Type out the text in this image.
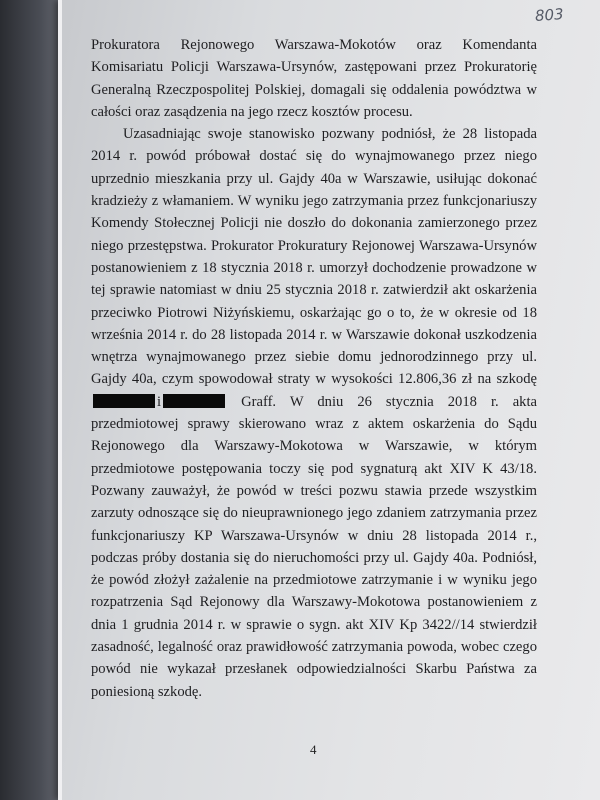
803

Prokuratora Rejonowego Warszawa-Mokotów oraz Komendanta Komisariatu Policji Warszawa-Ursynów, zastępowani przez Prokuratorię Generalną Rzeczpospolitej Polskiej, domagali się oddalenia powództwa w całości oraz zasądzenia na jego rzecz kosztów procesu.

Uzasadniając swoje stanowisko pozwany podniósł, że 28 listopada 2014 r. powód próbował dostać się do wynajmowanego przez niego uprzednio mieszkania przy ul. Gajdy 40a w Warszawie, usiłując dokonać kradzieży z włamaniem. W wyniku jego zatrzymania przez funkcjonariuszy Komendy Stołecznej Policji nie doszło do dokonania zamierzonego przez niego przestępstwa. Prokurator Prokuratury Rejonowej Warszawa-Ursynów postanowieniem z 18 stycznia 2018 r. umorzył dochodzenie prowadzone w tej sprawie natomiast w dniu 25 stycznia 2018 r. zatwierdził akt oskarżenia przeciwko Piotrowi Niżyńskiemu, oskarżając go o to, że w okresie od 18 września 2014 r. do 28 listopada 2014 r. w Warszawie dokonał uszkodzenia wnętrza wynajmowanego przez siebie domu jednorodzinnego przy ul. Gajdy 40a, czym spowodował straty w wysokości 12.806,36 zł na szkodę i	Graff. W dniu 26 stycznia 2018 r. akta przedmiotowej sprawy skierowano wraz z aktem oskarżenia do Sądu Rejonowego dla Warszawy-Mokotowa w Warszawie, w którym przedmiotowe postępowania toczy się pod sygnaturą akt XIV K 43/18. Pozwany zauważył, że powód w treści pozwu stawia przede wszystkim zarzuty odnoszące się do nieuprawnionego jego zdaniem zatrzymania przez funkcjonariuszy KP Warszawa-Ursynów w dniu 28 listopada 2014 r., podczas próby dostania się do nieruchomości przy ul. Gajdy 40a. Podniósł, że powód złożył zażalenie na przedmiotowe zatrzymanie i w wyniku jego rozpatrzenia Sąd Rejonowy dla Warszawy-Mokotowa postanowieniem z dnia 1 grudnia 2014 r. w sprawie o sygn. akt XIV Kp 3422//14 stwierdził zasadność, legalność oraz prawidłowość zatrzymania powoda, wobec czego powód nie wykazał przesłanek odpowiedzialności Skarbu Państwa za poniesioną szkodę.

4
